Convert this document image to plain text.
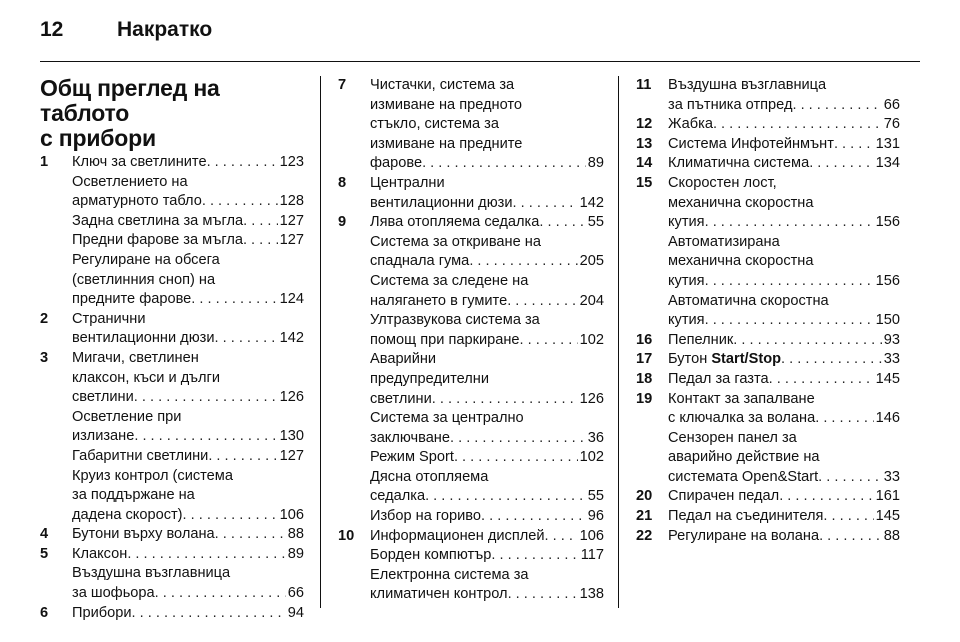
12	Накратко
Общ преглед на таблото
с прибори
1	Ключ за светлините . . .	123
Осветлението на
арматурното табло . . .	128
Задна светлина за мъгла . . .	127
Предни фарове за мъгла . . .	127
Регулиране на обсега
(светлинния сноп) на
предните фарове . . .	124
2	Странични
вентилационни дюзи . . .	142
3	Мигачи, светлинен
клаксон, къси и дълги
светлини . . .	126
Осветление при
излизане . . .	130
Габаритни светлини . . .	127
Круиз контрол (система
за поддържане на
дадена скорост) . . .	106
4	Бутони върху волана . . .	88
5	Клаксон . . .	89
Въздушна възглавница
за шофьора . . .	66
6	Прибори . . .	94
7	Чистачки, система за
измиване на предното
стъкло, система за
измиване на предните
фарове . . .	89
8	Централни
вентилационни дюзи . . .	142
9	Лява отопляема седалка . . .	55
Система за откриване на
спаднала гума . . .	205
Система за следене на
налягането в гумите . . .	204
Ултразвукова система за
помощ при паркиране . . .	102
Аварийни
предупредителни
светлини . . .	126
Система за централно
заключване . . .	36
Режим Sport . . .	102
Дясна отопляема
седалка . . .	55
Избор на гориво . . .	96
10	Информационен дисплей . . . 106
Борден компютър . . .	117
Електронна система за
климатичен контрол . . .	138
11	Въздушна възглавница
за пътника отпред . . .	66
12	Жабка . . .	76
13	Система Инфотейнмънт . . .	131
14	Климатична система . . .	134
15	Скоростен лост,
механична скоростна
кутия . . .	156
Автоматизирана
механична скоростна
кутия . . .	156
Автоматична скоростна
кутия . . .	150
16	Пепелник . . .	93
17	Бутон Start/Stop . . .	33
18	Педал за газта . . .	145
19	Контакт за запалване
с ключалка за волана . . .	146
Сензорен панел за
аварийно действие на
системата Open&Start . . .	33
20	Спирачен педал . . .	161
21	Педал на съединителя . . .	145
22	Регулиране на волана . . .	88
